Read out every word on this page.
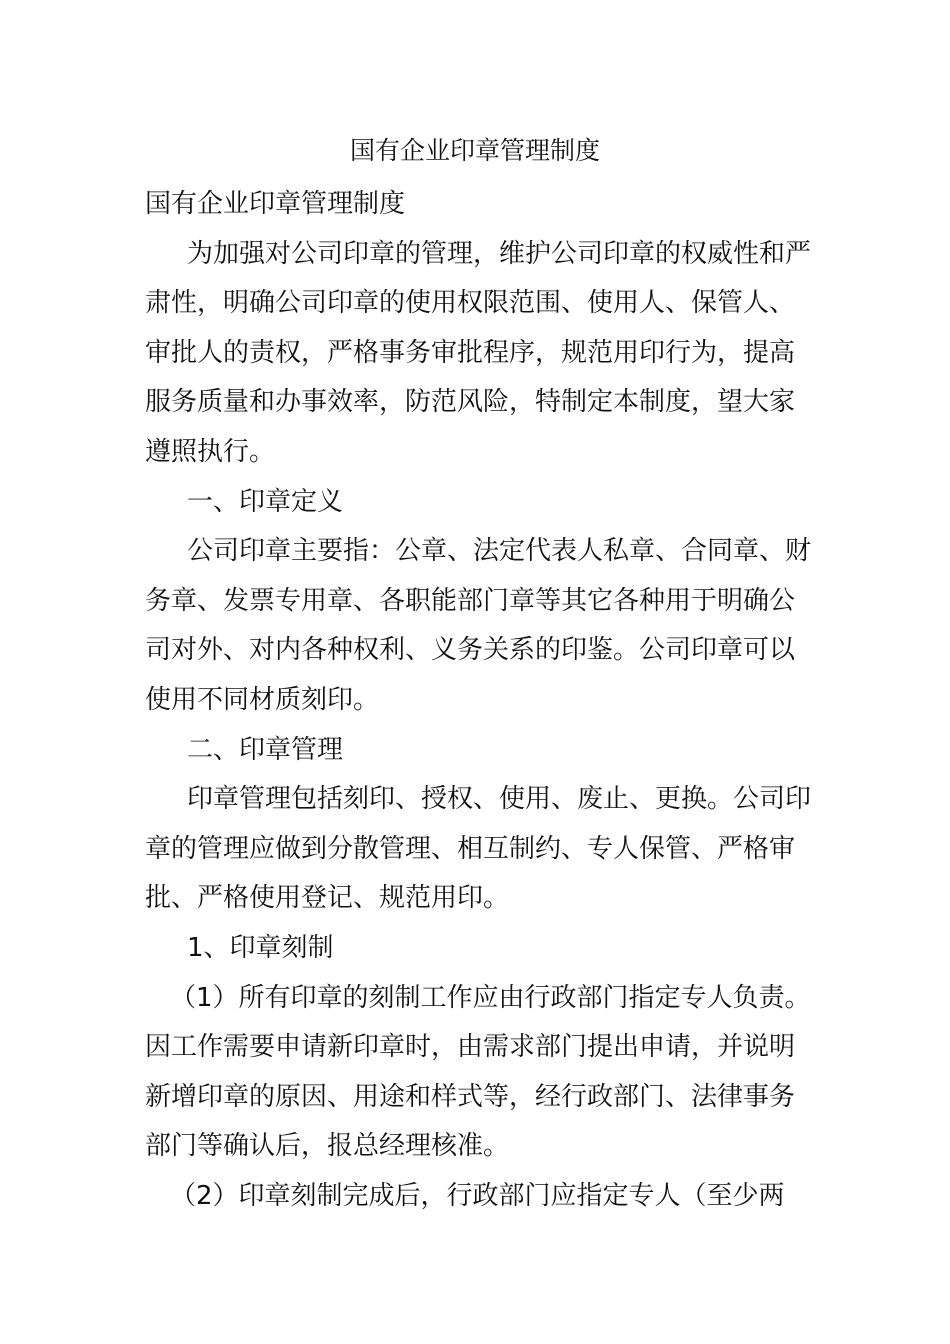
国有企业印章管理制度
国有企业印章管理制度
为加强对公司印章的管理，维护公司印章的权威性和严
肃性，明确公司印章的使用权限范围、使用人、保管人、
审批人的责权，严格事务审批程序，规范用印行为，提高
服务质量和办事效率，防范风险，特制定本制度，望大家
遵照执行。
一、印章定义
公司印章主要指：公章、法定代表人私章、合同章、财
务章、发票专用章、各职能部门章等其它各种用于明确公
司对外、对内各种权利、义务关系的印鉴。公司印章可以
使用不同材质刻印。
二、印章管理
印章管理包括刻印、授权、使用、废止、更换。公司印
章的管理应做到分散管理、相互制约、专人保管、严格审
批、严格使用登记、规范用印。
1、印章刻制
（1）所有印章的刻制工作应由行政部门指定专人负责。
因工作需要申请新印章时，由需求部门提出申请，并说明
新增印章的原因、用途和样式等，经行政部门、法律事务
部门等确认后，报总经理核准。
（2）印章刻制完成后，行政部门应指定专人（至少两
